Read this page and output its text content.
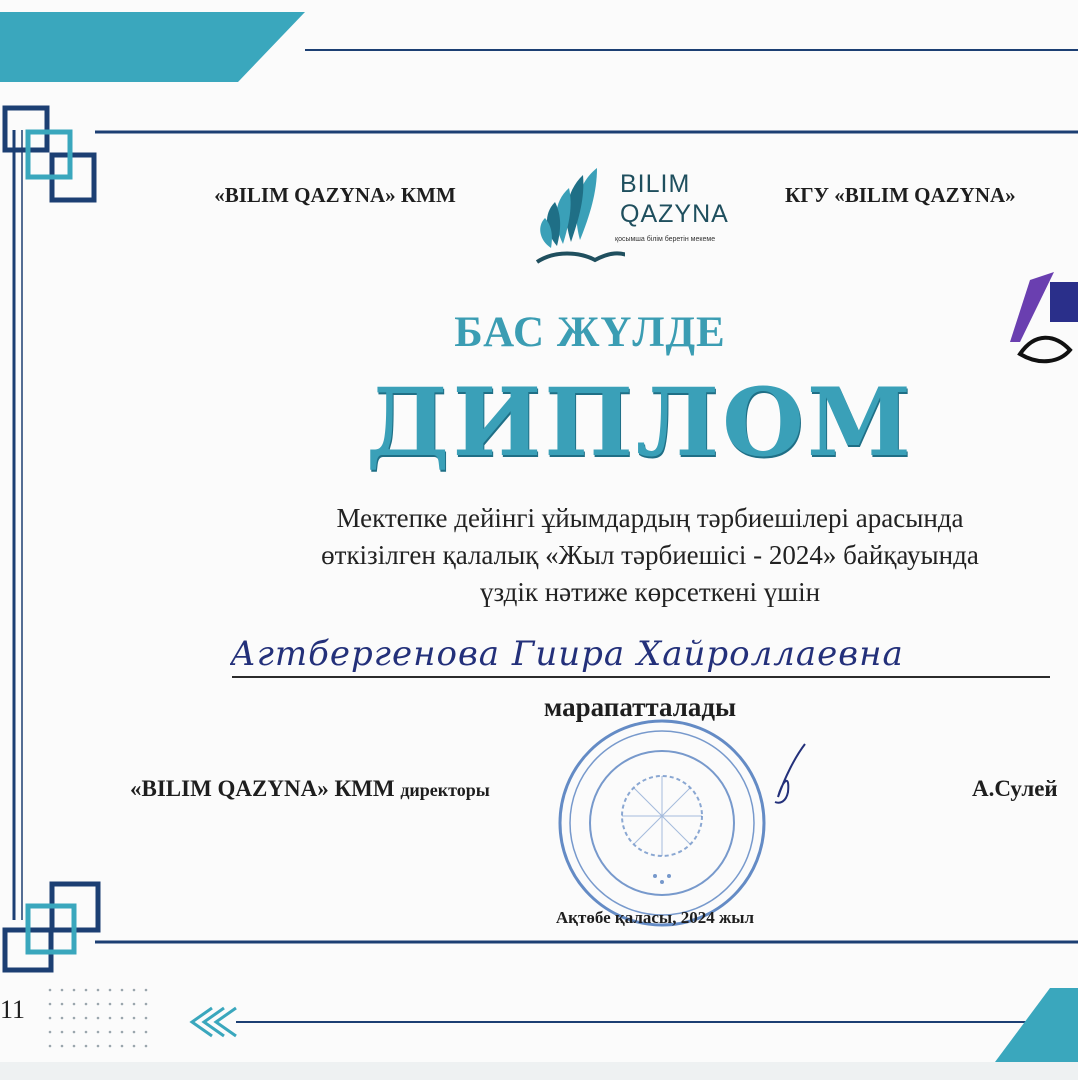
«BILIM QAZYNA» КММ	BILIM
QAZYNA
қосымша білім беретін мекеме
КГУ «BILIM QAZYNA»
БАС ЖҮЛДЕ
ДИПЛОМ
Мектепке дейінгі ұйымдардың тәрбиешілері арасында
өткізілген қалалық «Жыл тәрбиешісі - 2024» байқауында
үздік нәтиже көрсеткені үшін
Агтбергенова Гиира Хайроллаевна
марапатталады
«BILIM QAZYNA» КММ директоры	А.Сулей
Ақтөбе қаласы, 2024 жыл
11
